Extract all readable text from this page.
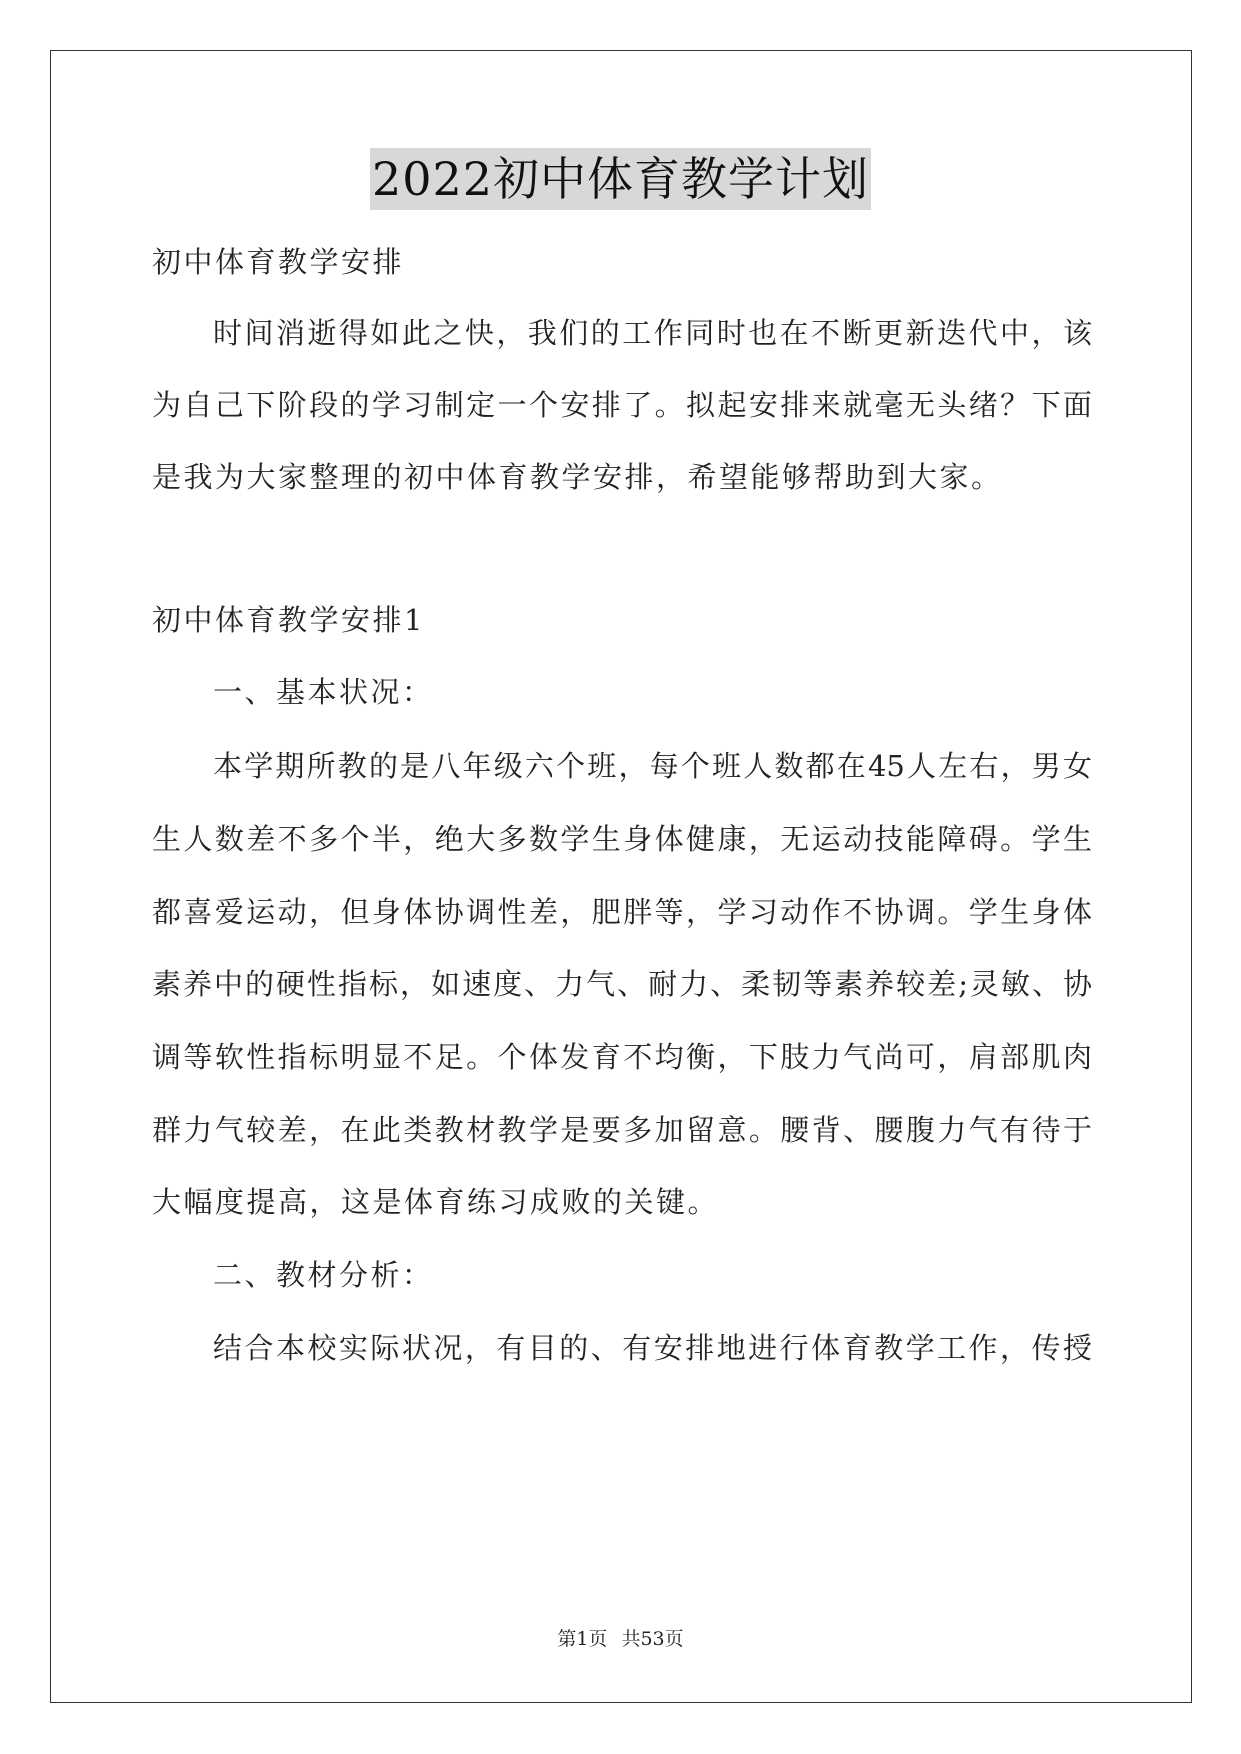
2022初中体育教学计划
初中体育教学安排
时间消逝得如此之快，我们的工作同时也在不断更新迭代中，该
为自己下阶段的学习制定一个安排了。拟起安排来就毫无头绪？下面
是我为大家整理的初中体育教学安排，希望能够帮助到大家。
初中体育教学安排1
一、基本状况：
本学期所教的是八年级六个班，每个班人数都在45人左右，男女
生人数差不多个半，绝大多数学生身体健康，无运动技能障碍。学生
都喜爱运动，但身体协调性差，肥胖等，学习动作不协调。学生身体
素养中的硬性指标，如速度、力气、耐力、柔韧等素养较差;灵敏、协
调等软性指标明显不足。个体发育不均衡，下肢力气尚可，肩部肌肉
群力气较差，在此类教材教学是要多加留意。腰背、腰腹力气有待于
大幅度提高，这是体育练习成败的关键。
二、教材分析：
结合本校实际状况，有目的、有安排地进行体育教学工作，传授
第1页 共53页
